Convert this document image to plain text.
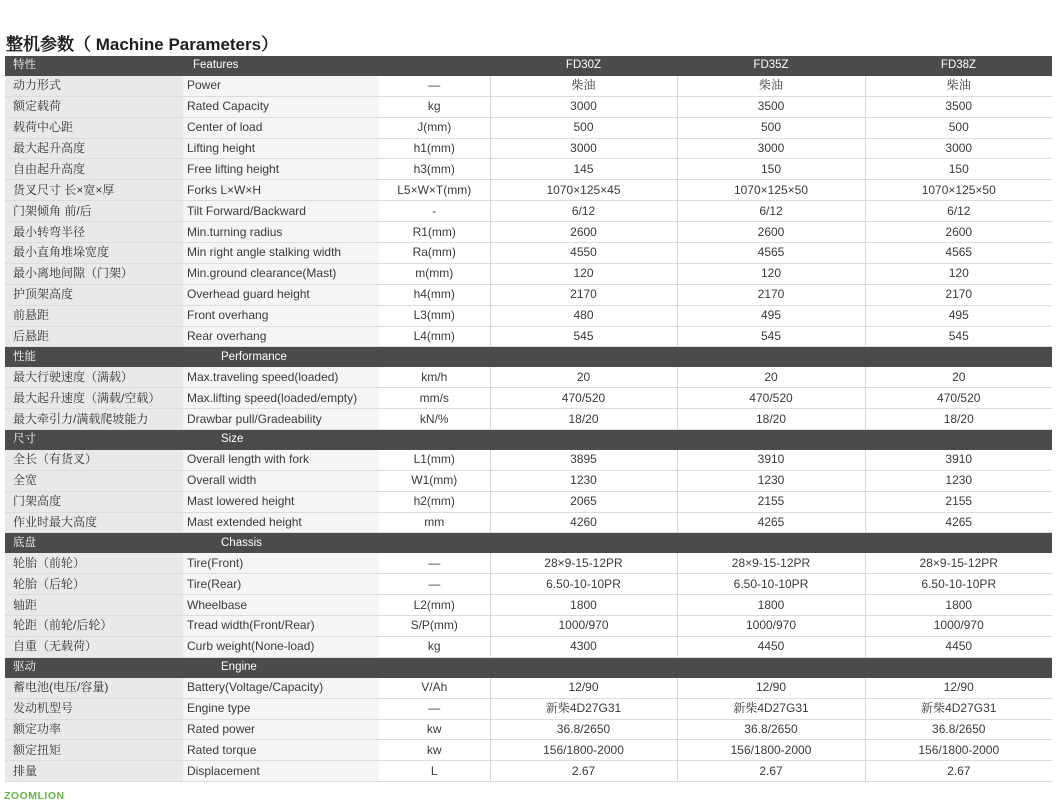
整机参数（ Machine Parameters）
特性	Features		FD30Z	FD35Z	FD38Z
动力形式	Power	—	柴油	柴油	柴油
额定载荷	Rated Capacity	kg	3000	3500	3500
载荷中心距	Center of load	J(mm)	500	500	500
最大起升高度	Lifting height	h1(mm)	3000	3000	3000
自由起升高度	Free lifting height	h3(mm)	145	150	150
货叉尺寸 长×宽×厚	Forks L×W×H	L5×W×T(mm)	1070×125×45	1070×125×50	1070×125×50
门架倾角 前/后	Tilt Forward/Backward	-	6/12	6/12	6/12
最小转弯半径	Min.turning radius	R1(mm)	2600	2600	2600
最小直角堆垛宽度	Min right angle stalking width	Ra(mm)	4550	4565	4565
最小离地间隙（门架）	Min.ground clearance(Mast)	m(mm)	120	120	120
护顶架高度	Overhead guard height	h4(mm)	2170	2170	2170
前悬距	Front overhang	L3(mm)	480	495	495
后悬距	Rear overhang	L4(mm)	545	545	545
性能	Performance				
最大行驶速度（满载）	Max.traveling speed(loaded)	km/h	20	20	20
最大起升速度（满载/空载）	Max.lifting speed(loaded/empty)	mm/s	470/520	470/520	470/520
最大牵引力/满载爬坡能力	Drawbar pull/Gradeability	kN/%	18/20	18/20	18/20
尺寸	Size				
全长（有货叉）	Overall length with fork	L1(mm)	3895	3910	3910
全宽	Overall width	W1(mm)	1230	1230	1230
门架高度	Mast lowered height	h2(mm)	2065	2155	2155
作业时最大高度	Mast extended height	mm	4260	4265	4265
底盘	Chassis				
轮胎（前轮）	Tire(Front)	—	28×9-15-12PR	28×9-15-12PR	28×9-15-12PR
轮胎（后轮）	Tire(Rear)	—	6.50-10-10PR	6.50-10-10PR	6.50-10-10PR
轴距	Wheelbase	L2(mm)	1800	1800	1800
轮距（前轮/后轮）	Tread width(Front/Rear)	S/P(mm)	1000/970	1000/970	1000/970
自重（无载荷）	Curb weight(None-load)	kg	4300	4450	4450
驱动	Engine				
蓄电池(电压/容量)	Battery(Voltage/Capacity)	V/Ah	12/90	12/90	12/90
发动机型号	Engine type	—	新柴4D27G31	新柴4D27G31	新柴4D27G31
额定功率	Rated power	kw	36.8/2650	36.8/2650	36.8/2650
额定扭矩	Rated torque	kw	156/1800-2000	156/1800-2000	156/1800-2000
排量	Displacement	L	2.67	2.67	2.67
ZOOMLION
